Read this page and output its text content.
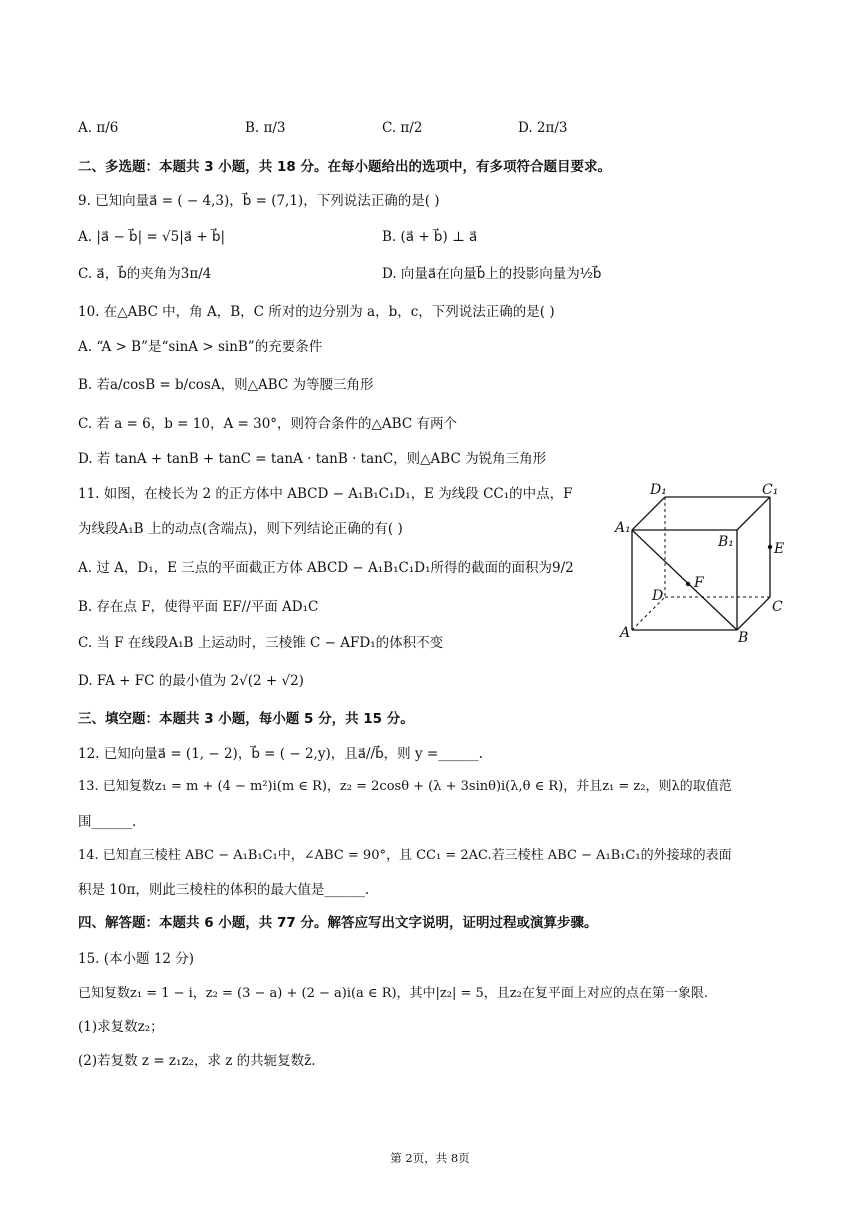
A. π/6	B. π/3	C. π/2	D. 2π/3
二、多选题：本题共 3 小题，共 18 分。在每小题给出的选项中，有多项符合题目要求。
9. 已知向量a⃗ = ( − 4,3)，b⃗ = (7,1)，下列说法正确的是( )
A. |a⃗ − b⃗| = √5|a⃗ + b⃗|	B. (a⃗ + b⃗) ⊥ a⃗
C. a⃗，b⃗的夹角为3π/4	D. 向量a⃗在向量b⃗上的投影向量为½b⃗
10. 在△ABC 中，角 A，B，C 所对的边分别为 a，b，c，下列说法正确的是( )
A. “A > B”是“sinA > sinB”的充要条件
B. 若a/cosB = b/cosA，则△ABC 为等腰三角形
C. 若 a = 6，b = 10，A = 30°，则符合条件的△ABC 有两个
D. 若 tanA + tanB + tanC = tanA · tanB · tanC，则△ABC 为锐角三角形
11. 如图，在棱长为 2 的正方体中 ABCD − A₁B₁C₁D₁，E 为线段 CC₁的中点，F
为线段A₁B 上的动点(含端点)，则下列结论正确的有( )
A. 过 A，D₁，E 三点的平面截正方体 ABCD − A₁B₁C₁D₁所得的截面的面积为9/2
B. 存在点 F，使得平面 EF//平面 AD₁C
C. 当 F 在线段A₁B 上运动时，三棱锥 C − AFD₁的体积不变
D. FA + FC 的最小值为 2√(2 + √2)
D₁	C₁
A₁
B₁	E
F
D
C
A	B
三、填空题：本题共 3 小题，每小题 5 分，共 15 分。
12. 已知向量a⃗ = (1, − 2)，b⃗ = ( − 2,y)，且a⃗//b⃗，则 y =______.
13. 已知复数z₁ = m + (4 − m²)i(m ∈ R)，z₂ = 2cosθ + (λ + 3sinθ)i(λ,θ ∈ R)，并且z₁ = z₂，则λ的取值范
围______.
14. 已知直三棱柱 ABC − A₁B₁C₁中，∠ABC = 90°，且 CC₁ = 2AC.若三棱柱 ABC − A₁B₁C₁的外接球的表面
积是 10π，则此三棱柱的体积的最大值是______.
四、解答题：本题共 6 小题，共 77 分。解答应写出文字说明，证明过程或演算步骤。
15. (本小题 12 分)
已知复数z₁ = 1 − i，z₂ = (3 − a) + (2 − a)i(a ∈ R)，其中|z₂| = 5，且z₂在复平面上对应的点在第一象限.
(1)求复数z₂；
(2)若复数 z = z₁z₂，求 z 的共轭复数z̄.
第 2页，共 8页
